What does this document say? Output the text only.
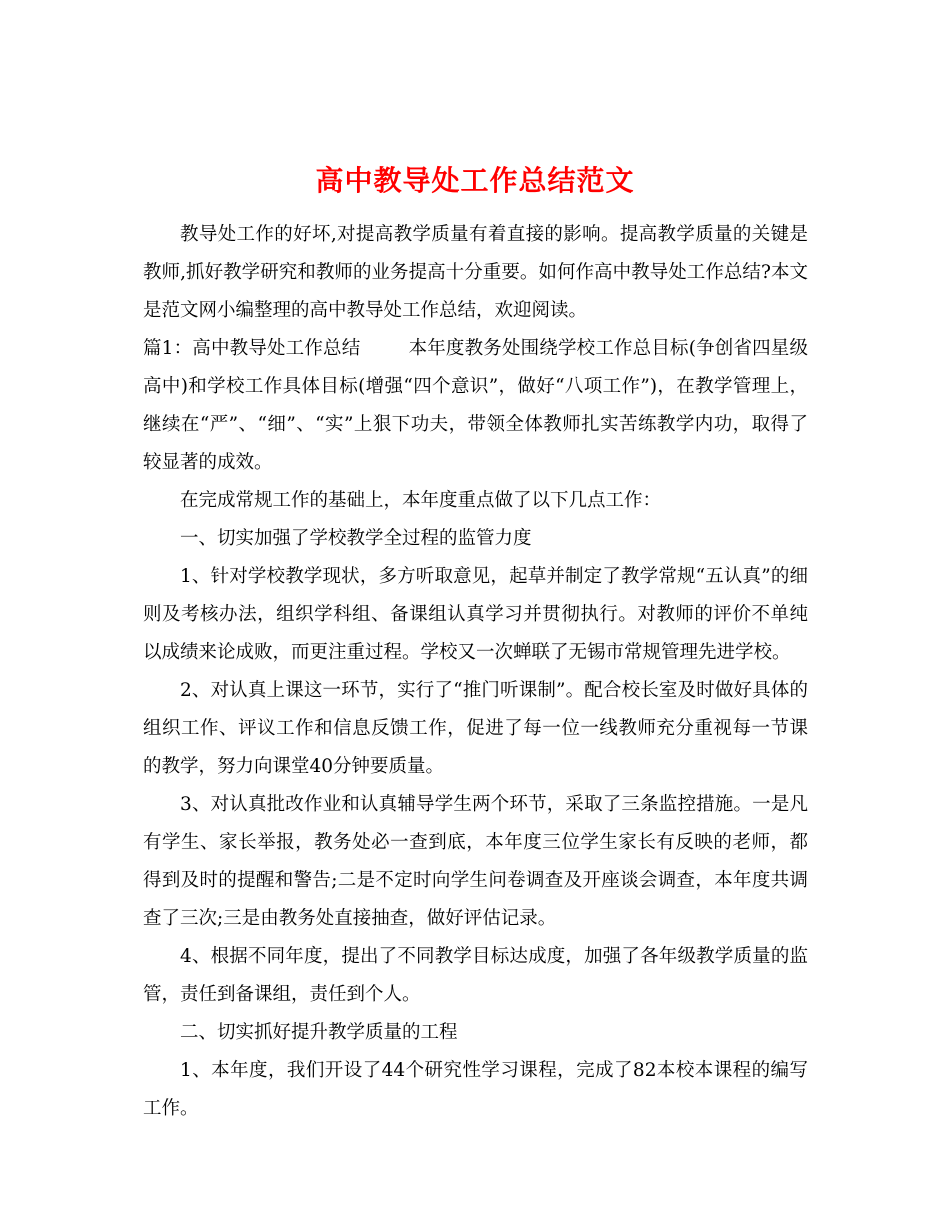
高中教导处工作总结范文

教导处工作的好坏,对提高教学质量有着直接的影响。提高教学质量的关键是教师,抓好教学研究和教师的业务提高十分重要。如何作高中教导处工作总结?本文是范文网小编整理的高中教导处工作总结，欢迎阅读。

篇1：高中教导处工作总结	本年度教务处围绕学校工作总目标(争创省四星级高中)和学校工作具体目标(增强“四个意识”，做好“八项工作”)，在教学管理上，继续在“严”、“细”、“实”上狠下功夫，带领全体教师扎实苦练教学内功，取得了较显著的成效。

在完成常规工作的基础上，本年度重点做了以下几点工作：

一、切实加强了学校教学全过程的监管力度

1、针对学校教学现状，多方听取意见，起草并制定了教学常规“五认真”的细则及考核办法，组织学科组、备课组认真学习并贯彻执行。对教师的评价不单纯以成绩来论成败，而更注重过程。学校又一次蝉联了无锡市常规管理先进学校。

2、对认真上课这一环节，实行了“推门听课制”。配合校长室及时做好具体的组织工作、评议工作和信息反馈工作，促进了每一位一线教师充分重视每一节课的教学，努力向课堂40分钟要质量。

3、对认真批改作业和认真辅导学生两个环节，采取了三条监控措施。一是凡有学生、家长举报，教务处必一查到底，本年度三位学生家长有反映的老师，都得到及时的提醒和警告;二是不定时向学生问卷调查及开座谈会调查，本年度共调查了三次;三是由教务处直接抽查，做好评估记录。

4、根据不同年度，提出了不同教学目标达成度，加强了各年级教学质量的监管，责任到备课组，责任到个人。

二、切实抓好提升教学质量的工程

1、本年度，我们开设了44个研究性学习课程，完成了82本校本课程的编写工作。
